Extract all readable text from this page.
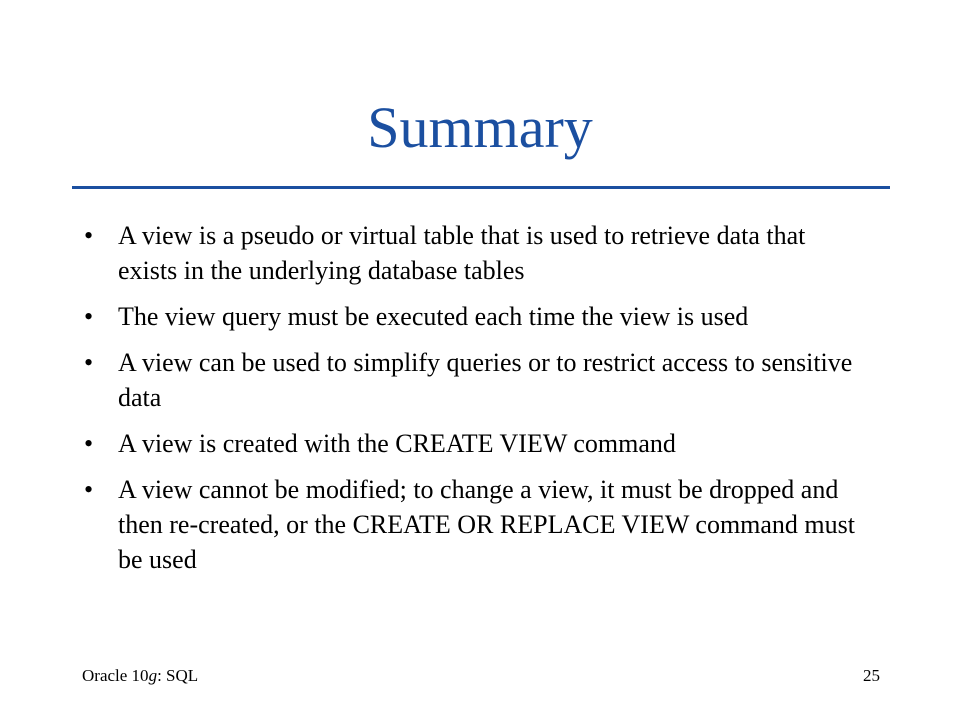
Summary
• A view is a pseudo or virtual table that is used to retrieve data that exists in the underlying database tables
• The view query must be executed each time the view is used
• A view can be used to simplify queries or to restrict access to sensitive data
• A view is created with the CREATE VIEW command
• A view cannot be modified; to change a view, it must be dropped and then re-created, or the CREATE OR REPLACE VIEW command must be used
Oracle 10g: SQL	25
